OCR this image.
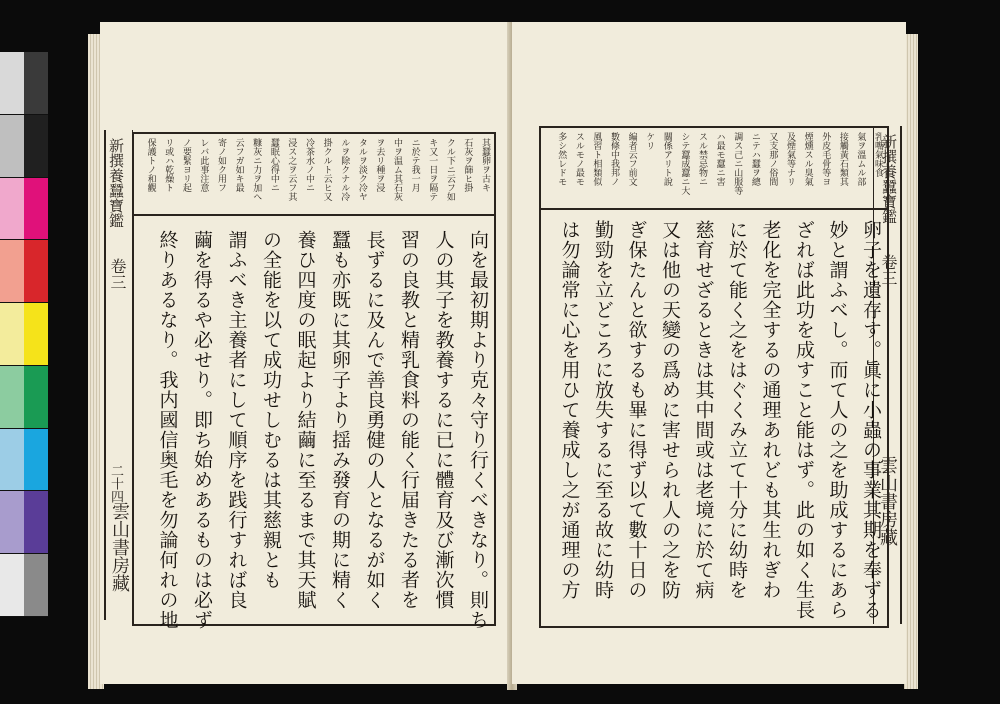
新撰養蠶寶鑑
卷三
二十四
雲山書房藏
其蠶卵ヲ古キ
石灰ヲ篩ヒ掛
クル下ニ云フ如
キ又一日ヲ隔テ
ニ於テ我一月
中ヲ温ム其石灰
ヲ去リ種ヲ浸
タルヲ淡ク冷ヤ
ルヲ除クナル冷
掛クルト云ヒ又
冷茶水ノ中ニ
浸ス之ヲ云フ其
蠶眠心得中ニ
糠灰ニ力ヲ加へ
云フガ如キ最
寄ノ如ク用フ
レバ此事注意
ノ要緊ヨリ起
リ或ハ乾燥ト
保護トノ和觀
向を最初期より克々守り行くべきなり。則ち
人の其子を教養するに已に體育及び漸次慣
習の良教と精乳食料の能く行届きたる者を
長ずるに及んで善良勇健の人となるが如く
蠶も亦既に其卵子より揺み發育の期に精く
養ひ四度の眠起より結繭に至るまで其天賦
の全能を以て成功せしむるは其慈親とも
謂ふべき主養者にして順序を践行すれば良
繭を得るや必せり。即ち始めあるものは必ず
終りあるなり。我内國信奥毛を勿論何れの地
新撰養蠶寶鑑
卷三
雲山書房藏
乳嘴氣味食
氣ヲ溫ムル部
接觸黃石類其
外皮毛骨等ヨ
煙燻スル臭氣
及煙氣等ナリ
又支那ノ俗間
ニテハ蠶ヲ總
調ス己ニ山服等
ハ最モ蠶ニ害
スル禁忌物ニ
シテ蠶成蠶ニ大
關係アリト說
ケリ
編者云フ前文
數條中我邦ノ
風習ト相類似
スルモノ最モ
多シ然レドモ
卵子を遺存す。眞に小蟲の事業其期を奉ずる
妙と謂ふべし。而て人の之を助成するにあら
ざれば此功を成すこと能はず。此の如く生長
老化を完全するの通理あれども其生れぎわ
に於て能く之をはぐくみ立て十分に幼時を
慈育せざるときは其中間或は老境に於て病
又は他の天變の爲めに害せられ人の之を防
ぎ保たんと欲するも畢に得ず以て數十日の
勤勁を立どころに放失するに至る故に幼時
は勿論常に心を用ひて養成し之が通理の方
